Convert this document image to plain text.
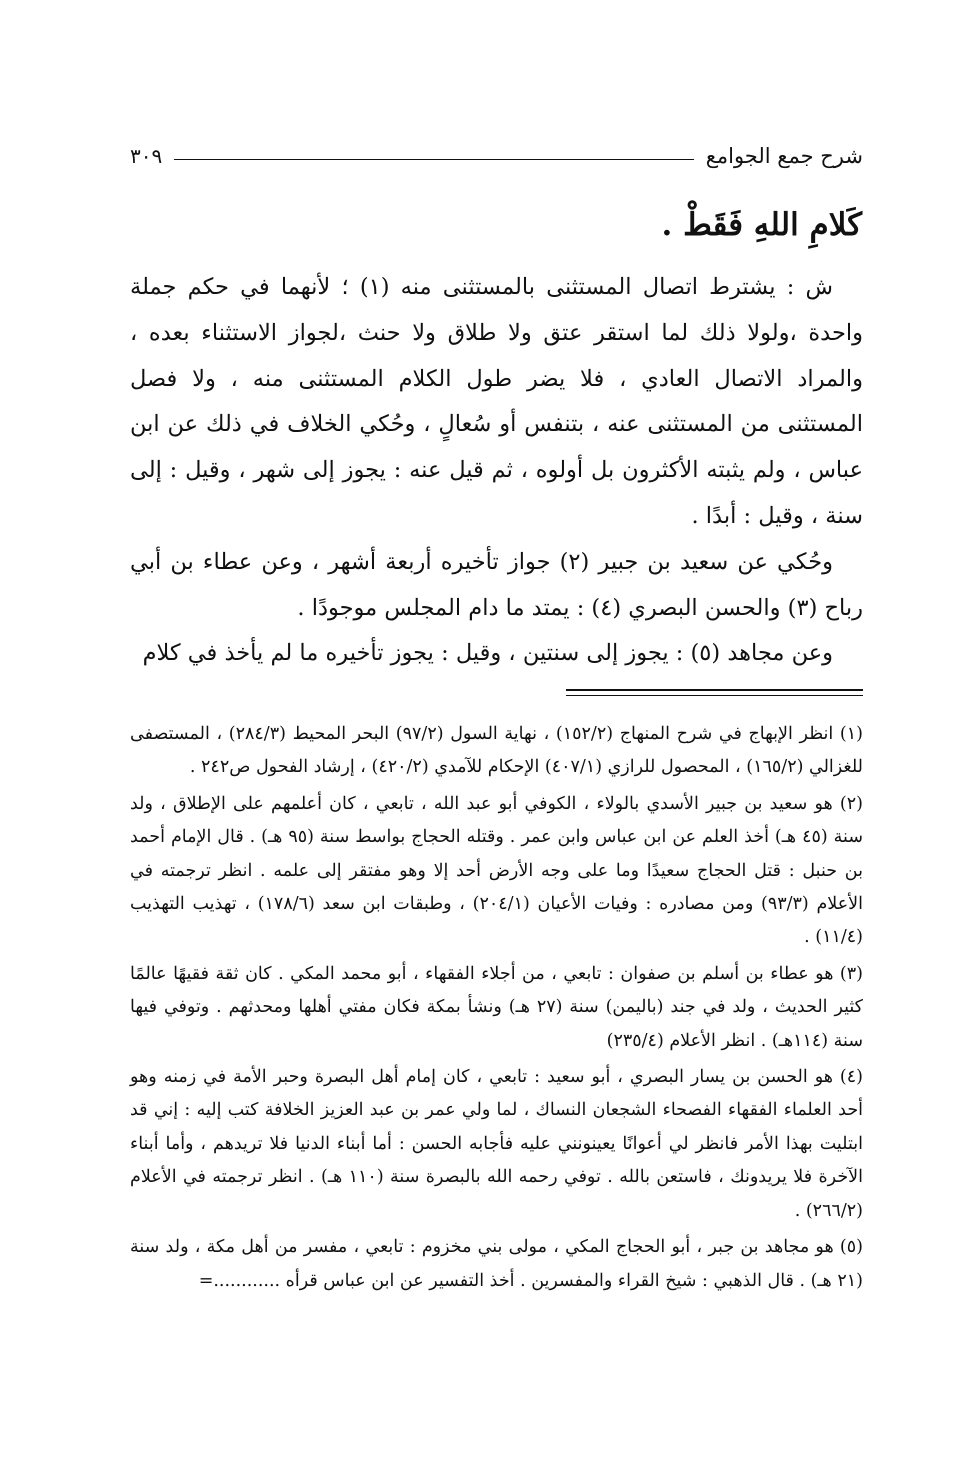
شرح جمع الجوامع
٣٠٩
كَلامِ اللهِ فَقَطْ .

ش : يشترط اتصال المستثنى بالمستثنى منه (١) ؛ لأنهما في حكم جملة واحدة ،ولولا ذلك لما استقر عتق ولا طلاق ولا حنث ،لجواز الاستثناء بعده ، والمراد الاتصال العادي ، فلا يضر طول الكلام المستثنى منه ، ولا فصل المستثنى من المستثنى عنه ، بتنفس أو سُعالٍ ، وحُكي الخلاف في ذلك عن ابن عباس ، ولم يثبته الأكثرون بل أولوه ، ثم قيل عنه : يجوز إلى شهر ، وقيل : إلى سنة ، وقيل : أبدًا .

وحُكي عن سعيد بن جبير (٢) جواز تأخيره أربعة أشهر ، وعن عطاء بن أبي رباح (٣) والحسن البصري (٤) : يمتد ما دام المجلس موجودًا .

وعن مجاهد (٥) : يجوز إلى سنتين ، وقيل : يجوز تأخيره ما لم يأخذ في كلام

(١) انظر الإبهاج في شرح المنهاج (١٥٢/٢) ، نهاية السول (٩٧/٢) البحر المحيط (٢٨٤/٣) ، المستصفى للغزالي (١٦٥/٢) ، المحصول للرازي (٤٠٧/١) الإحكام للآمدي (٤٢٠/٢) ، إرشاد الفحول ص٢٤٢ .

(٢) هو سعيد بن جبير الأسدي بالولاء ، الكوفي أبو عبد الله ، تابعي ، كان أعلمهم على الإطلاق ، ولد سنة (٤٥ هـ) أخذ العلم عن ابن عباس وابن عمر . وقتله الحجاج بواسط سنة (٩٥ هـ) . قال الإمام أحمد بن حنبل : قتل الحجاج سعيدًا وما على وجه الأرض أحد إلا وهو مفتقر إلى علمه . انظر ترجمته في الأعلام (٩٣/٣) ومن مصادره : وفيات الأعيان (٢٠٤/١) ، وطبقات ابن سعد (١٧٨/٦) ، تهذيب التهذيب (١١/٤) .

(٣) هو عطاء بن أسلم بن صفوان : تابعي ، من أجلاء الفقهاء ، أبو محمد المكي . كان ثقة فقيهًا عالمًا كثير الحديث ، ولد في جند (باليمن) سنة (٢٧ هـ) ونشأ بمكة فكان مفتي أهلها ومحدثهم . وتوفي فيها سنة (١١٤هـ) . انظر الأعلام (٢٣٥/٤)

(٤) هو الحسن بن يسار البصري ، أبو سعيد : تابعي ، كان إمام أهل البصرة وحبر الأمة في زمنه وهو أحد العلماء الفقهاء الفصحاء الشجعان النساك ، لما ولي عمر بن عبد العزيز الخلافة كتب إليه : إني قد ابتليت بهذا الأمر فانظر لي أعوانًا يعينونني عليه فأجابه الحسن : أما أبناء الدنيا فلا تريدهم ، وأما أبناء الآخرة فلا يريدونك ، فاستعن بالله . توفي رحمه الله بالبصرة سنة (١١٠ هـ) . انظر ترجمته في الأعلام (٢٦٦/٢) .

(٥) هو مجاهد بن جبر ، أبو الحجاج المكي ، مولى بني مخزوم : تابعي ، مفسر من أهل مكة ، ولد سنة (٢١ هـ) . قال الذهبي : شيخ القراء والمفسرين . أخذ التفسير عن ابن عباس قرأه ............=
